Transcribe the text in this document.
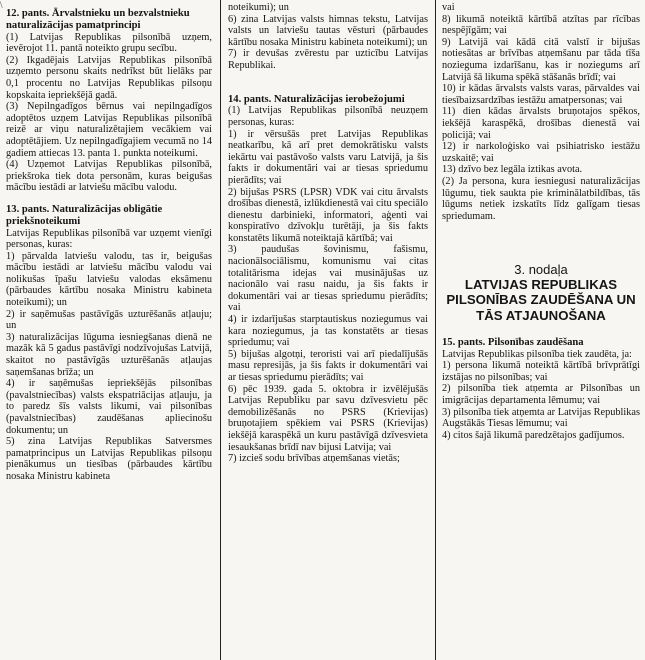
\

12. pants. Ārvalstnieku un bezvalstnieku naturalizācijas pamatprincipi

(1) Latvijas Republikas pilsonībā uzņem, ievērojot 11. pantā noteikto grupu secību.

(2) Ikgadējais Latvijas Republikas pilsonībā uzņemto personu skaits nedrīkst būt lielāks par 0,1 procentu no Latvijas Republikas pilsoņu kopskaita iepriekšējā gadā.

(3) Nepilngadīgos bērnus vai nepilngadīgos adoptētos uzņem Latvijas Republikas pilsonībā reizē ar viņu naturalizētajiem vecākiem vai adoptētājiem. Uz nepilngadīgajiem vecumā no 14 gadiem attiecas 13. panta 1. punkta noteikumi.

(4) Uzņemot Latvijas Republikas pilsonībā, priekšroka tiek dota personām, kuras beigušas mācību iestādi ar latviešu mācību valodu.

13. pants. Naturalizācijas obligātie priekšnoteikumi

Latvijas Republikas pilsonībā var uzņemt vienīgi personas, kuras:

1) pārvalda latviešu valodu, tas ir, beigušas mācību iestādi ar latviešu mācību valodu vai nolikušas īpašu latviešu valodas eksāmenu (pārbaudes kārtību nosaka Ministru kabineta noteikumi); un

2) ir saņēmušas pastāvīgās uzturēšanās atļauju; un

3) naturalizācijas lūguma iesniegšanas dienā ne mazāk kā 5 gadus pastāvīgi nodzīvojušas Latvijā, skaitot no pastāvīgās uzturēšanās atļaujas saņemšanas brīža; un

4) ir saņēmušas iepriekšējās pilsonības (pavalstniecības) valsts ekspatriācijas atļauju, ja to paredz šīs valsts likumi, vai pilsonības (pavalstniecības) zaudēšanas apliecinošu dokumentu; un

5) zina Latvijas Republikas Satversmes pamatprincipus un Latvijas Republikas pilsoņu pienākumus un tiesības (pārbaudes kārtību nosaka Ministru kabineta

noteikumi); un

6) zina Latvijas valsts himnas tekstu, Latvijas valsts un latviešu tautas vēsturi (pārbaudes kārtību nosaka Ministru kabineta noteikumi); un

7) ir devušas zvērestu par uzticību Latvijas Republikai.

14. pants. Naturalizācijas ierobežojumi

(1) Latvijas Republikas pilsonībā neuzņem personas, kuras:

1) ir vērsušās pret Latvijas Republikas neatkarību, kā arī pret demokrātisku valsts iekārtu vai pastāvošo valsts varu Latvijā, ja šis fakts ir dokumentāri vai ar tiesas spriedumu pierādīts; vai

2) bijušas PSRS (LPSR) VDK vai citu ārvalsts drošības dienestā, izlūkdienestā vai citu speciālo dienestu darbinieki, informatori, aģenti vai konspiratīvo dzīvokļu turētāji, ja šis fakts konstatēts likumā noteiktajā kārtībā; vai

3) paudušas šovinismu, fašismu, nacionālsociālismu, komunismu vai citas totalitārisma idejas vai musinājušas uz nacionālo vai rasu naidu, ja šis fakts ir dokumentāri vai ar tiesas spriedumu pierādīts; vai

4) ir izdarījušas starptautiskus noziegumus vai kara noziegumus, ja tas konstatēts ar tiesas spriedumu; vai

5) bijušas algotņi, teroristi vai arī piedalījušās masu represijās, ja šis fakts ir dokumentāri vai ar tiesas spriedumu pierādīts; vai

6) pēc 1939. gada 5. oktobra ir izvēlējušās Latvijas Republiku par savu dzīvesvietu pēc demobilizēšanās no PSRS (Krievijas) bruņotajiem spēkiem vai PSRS (Krievijas) iekšējā karaspēkā un kuru pastāvīgā dzīvesvieta iesaukšanas brīdī nav bijusi Latvija; vai

7) izcieš sodu brīvības atņemšanas vietās;

vai

8) likumā noteiktā kārtībā atzītas par rīcības nespējīgām; vai

9) Latvijā vai kādā citā valstī ir bijušas notiesātas ar brīvības atņemšanu par tāda tīša nozieguma izdarīšanu, kas ir noziegums arī Latvijā šā likuma spēkā stāšanās brīdī; vai

10) ir kādas ārvalsts valsts varas, pārvaldes vai tiesībaizsardzības iestāžu amatpersonas; vai

11) dien kādas ārvalsts bruņotajos spēkos, iekšējā karaspēkā, drošības dienestā vai policijā; vai

12) ir narkoloģisko vai psihiatrisko iestāžu uzskaitē; vai

13) dzīvo bez legāla iztikas avota.

(2) Ja persona, kura iesniegusi naturalizācijas lūgumu, tiek saukta pie kriminālatbildības, tās lūgums netiek izskatīts līdz galīgam tiesas spriedumam.

3. nodaļa

LATVIJAS REPUBLIKAS PILSONĪBAS ZAUDĒŠANA UN TĀS ATJAUNOŠANA

15. pants. Pilsonības zaudēšana

Latvijas Republikas pilsonība tiek zaudēta, ja:

1) persona likumā noteiktā kārtībā brīvprātīgi izstājas no pilsonības; vai

2) pilsonība tiek atņemta ar Pilsonības un imigrācijas departamenta lēmumu; vai

3) pilsonība tiek atņemta ar Latvijas Republikas Augstākās Tiesas lēmumu; vai

4) citos šajā likumā paredzētajos gadījumos.
